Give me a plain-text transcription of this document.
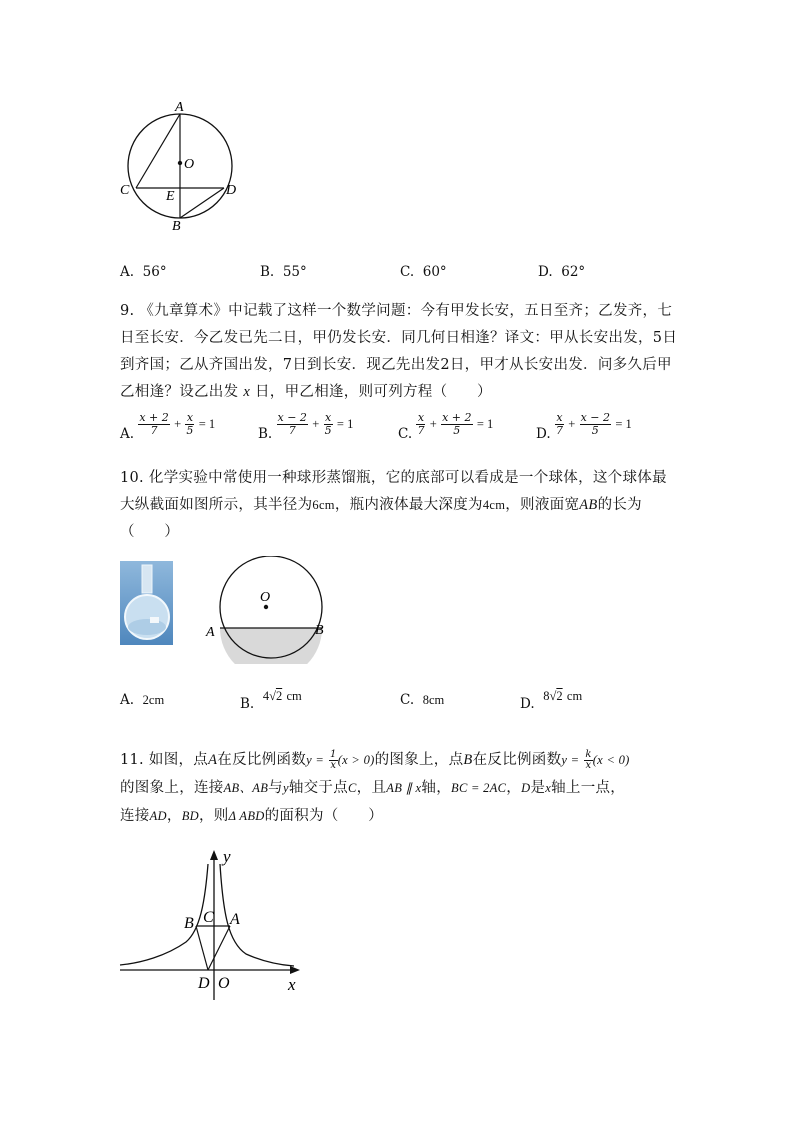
A
O
C	E	D
B
A. 56°	B. 55°	C. 60°	D. 62°
9. 《九章算术》中记载了这样一个数学问题：今有甲发长安，五日至齐；乙发齐，七日至长安．今乙发已先二日，甲仍发长安．同几何日相逢？译文：甲从长安出发，5日到齐国；乙从齐国出发，7日到长安．现乙先出发2日，甲才从长安出发．问多久后甲乙相逢？设乙出发 x 日，甲乙相逢，则可列方程（　　）
A. $\frac{x + 2}{7} + \frac{x}{5} = 1$
B. $\frac{x - 2}{7} + \frac{x}{5} = 1$
C. $\frac{x}{7} + \frac{x + 2}{5} = 1$
D. $\frac{x}{7} + \frac{x - 2}{5} = 1$
10. 化学实验中常使用一种球形蒸馏瓶，它的底部可以看成是一个球体，这个球体最大纵截面如图所示，其半径为6cm，瓶内液体最大深度为4cm，则液面宽AB的长为（　　）
O
A	B
A. 2cm	B. 4√2 cm	C. 8cm	D. 8√2 cm
11. 如图，点A在反比例函数$y = \frac{1}{x} (x > 0)$的图象上，点B在反比例函数$y = \frac{k}{x} (x < 0)$
的图象上，连接AB、AB与y轴交于点C，且AB ∥ x轴，BC = 2AC，D是x轴上一点，
连接AD，BD，则Δ ABD的面积为（　　）
y
x
B C A
D O
